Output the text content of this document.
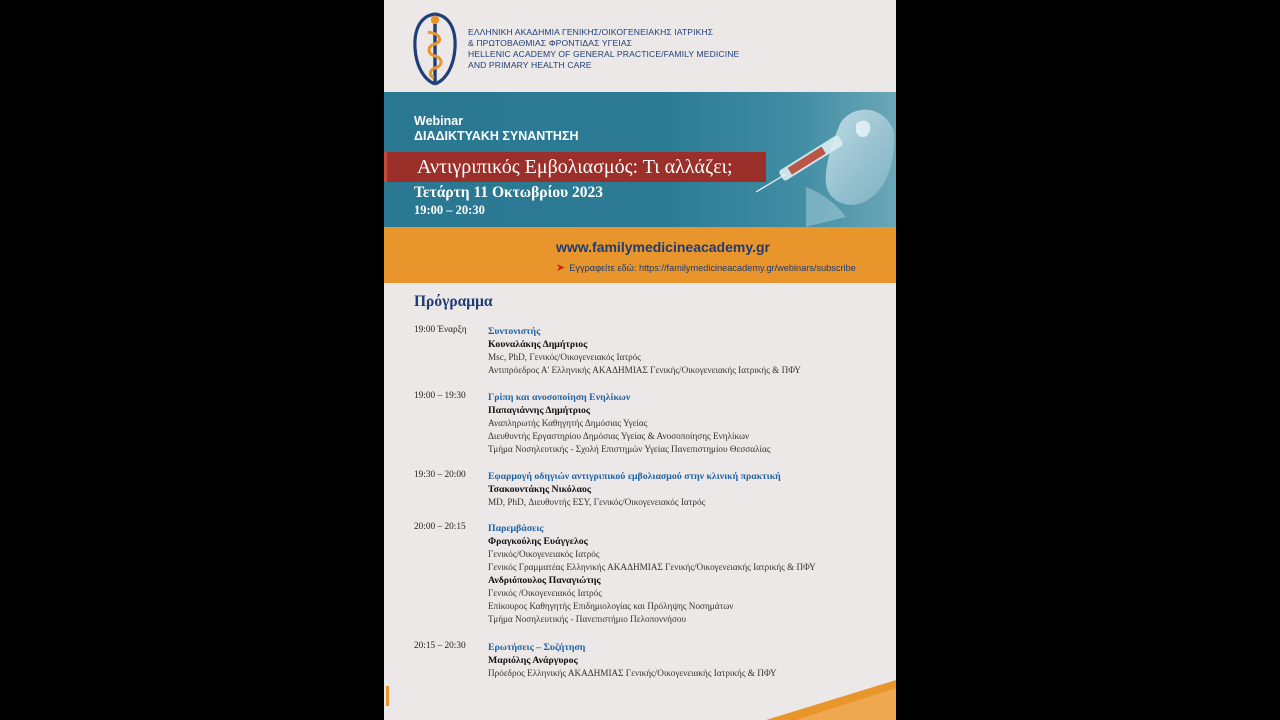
ΕΛΛΗΝΙΚΗ ΑΚΑΔΗΜΙΑ ΓΕΝΙΚΗΣ/ΟΙΚΟΓΕΝΕΙΑΚΗΣ ΙΑΤΡΙΚΗΣ
& ΠΡΩΤΟΒΑΘΜΙΑΣ ΦΡΟΝΤΙΔΑΣ ΥΓΕΙΑΣ
HELLENIC ACADEMY OF GENERAL PRACTICE/FAMILY MEDICINE
AND PRIMARY HEALTH CARE
Webinar
ΔΙΑΔΙΚΤΥΑΚΗ ΣΥΝΑΝΤΗΣΗ
Αντιγριπικός Εμβολιασμός: Τι αλλάζει;
Τετάρτη 11 Οκτωβρίου 2023
19:00 – 20:30
www.familymedicineacademy.gr
➤ Εγγραφείτε εδώ: https://familymedicineacademy.gr/webinars/subscribe
Πρόγραμμα
19:00 Έναρξη Συντονιστής
Κουναλάκης Δημήτριος
Msc, PhD, Γενικός/Οικογενειακός Ιατρός
Αντιπρόεδρος Α' Ελληνικής ΑΚΑΔΗΜΙΑΣ Γενικής/Οικογενειακής Ιατρικής & ΠΦΥ
19:00 – 19:30 Γρίπη και ανοσοποίηση Ενηλίκων
Παπαγιάννης Δημήτριος
Αναπληρωτής Καθηγητής Δημόσιας Υγείας
Διευθυντής Εργαστηρίου Δημόσιας Υγείας & Ανοσοποίησης Ενηλίκων
Τμήμα Νοσηλευτικής - Σχολή Επιστημών Υγείας Πανεπιστημίου Θεσσαλίας
19:30 – 20:00 Εφαρμογή οδηγιών αντιγριπικού εμβολιασμού στην κλινική πρακτική
Τσακουντάκης Νικόλαος
MD, PhD, Διευθυντής ΕΣΥ, Γενικός/Οικογενειακός Ιατρός
20:00 – 20:15 Παρεμβάσεις
Φραγκούλης Ευάγγελος
Γενικός/Οικογενειακός Ιατρός
Γενικός Γραμματέας Ελληνικής ΑΚΑΔΗΜΙΑΣ Γενικής/Οικογενειακής Ιατρικής & ΠΦΥ
Ανδριόπουλος Παναγιώτης
Γενικός /Οικογενειακός Ιατρός
Επίκουρος Καθηγητής Επιδημιολογίας και Πρόληψης Νοσημάτων
Τμήμα Νοσηλευτικής - Πανεπιστήμιο Πελοποννήσου
20:15 – 20:30 Ερωτήσεις – Συζήτηση
Μαριόλης Ανάργυρος
Πρόεδρος Ελληνικής ΑΚΑΔΗΜΙΑΣ Γενικής/Οικογενειακής Ιατρικής & ΠΦΥ
